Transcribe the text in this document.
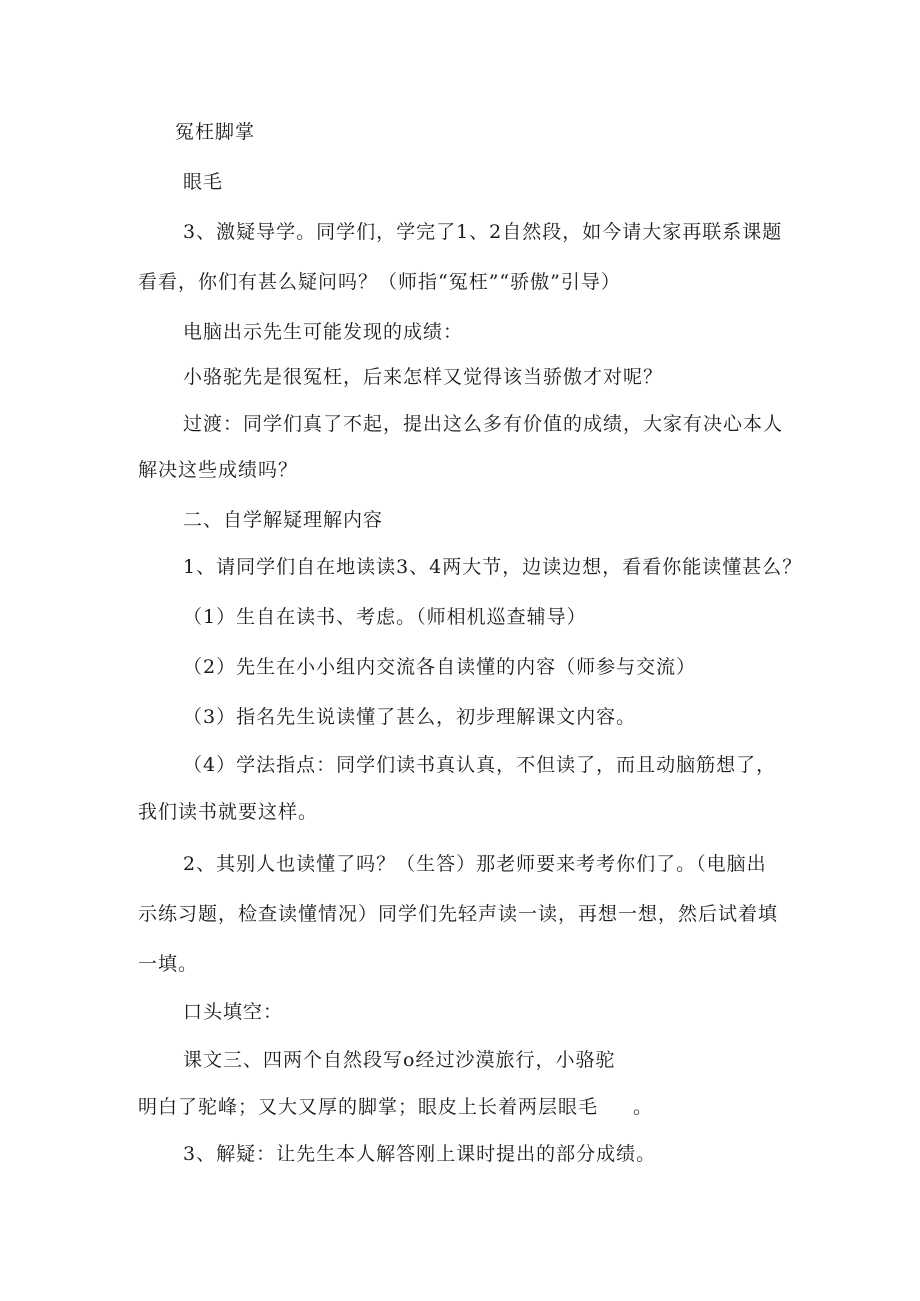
冤枉脚掌
眼毛
3、激疑导学。同学们，学完了1、2自然段，如今请大家再联系课题
看看，你们有甚么疑问吗？（师指“冤枉”“骄傲”引导）
电脑出示先生可能发现的成绩：
小骆驼先是很冤枉，后来怎样又觉得该当骄傲才对呢？
过渡：同学们真了不起，提出这么多有价值的成绩，大家有决心本人
解决这些成绩吗？
二、自学解疑理解内容
1、请同学们自在地读读3、4两大节，边读边想，看看你能读懂甚么？
（1）生自在读书、考虑。（师相机巡查辅导）
（2）先生在小小组内交流各自读懂的内容（师参与交流）
（3）指名先生说读懂了甚么，初步理解课文内容。
（4）学法指点：同学们读书真认真，不但读了，而且动脑筋想了，
我们读书就要这样。
2、其别人也读懂了吗？（生答）那老师要来考考你们了。（电脑出
示练习题，检查读懂情况）同学们先轻声读一读，再想一想，然后试着填
一填。
口头填空：
课文三、四两个自然段写o经过沙漠旅行，小骆驼
明白了驼峰；又大又厚的脚掌；眼皮上长着两层眼毛 。
3、解疑：让先生本人解答刚上课时提出的部分成绩。
